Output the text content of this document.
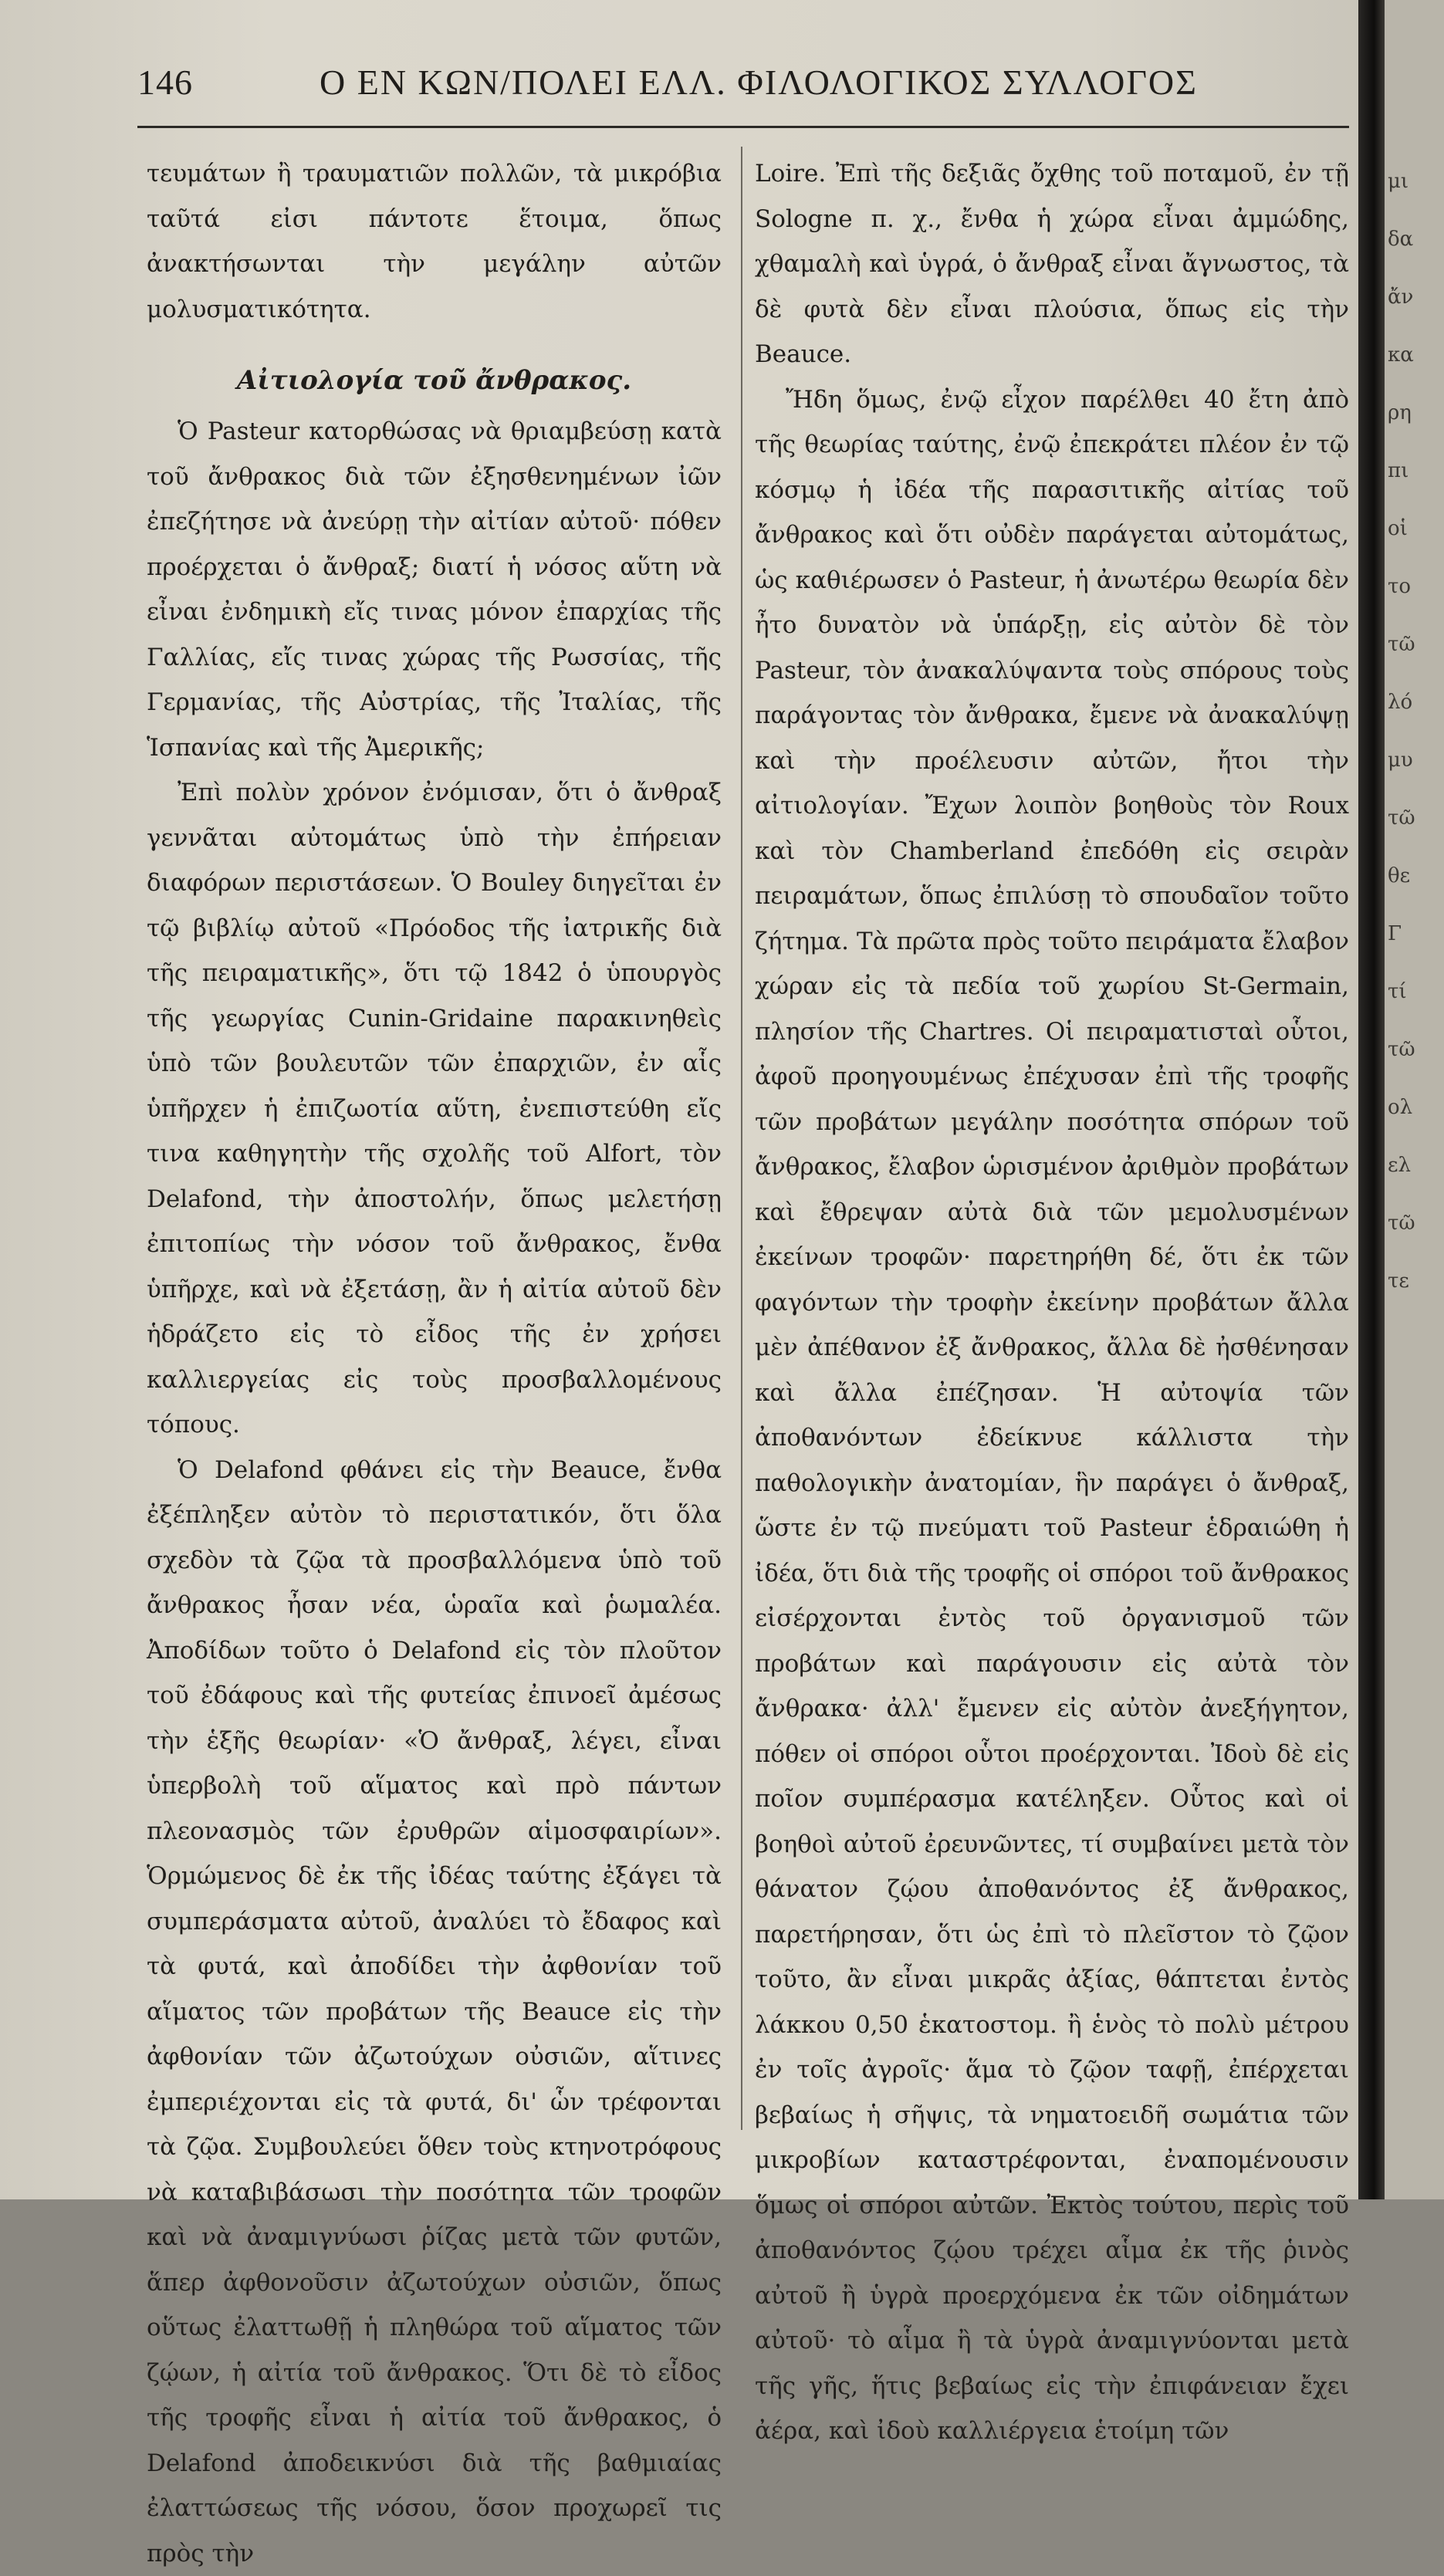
146	Ο ΕΝ ΚΩΝ/ΠΟΛΕΙ ΕΛΛ. ΦΙΛΟΛΟΓΙΚΟΣ ΣΥΛΛΟΓΟΣ

τευμάτων ἢ τραυματιῶν πολλῶν, τὰ μικρόβια ταῦτά εἰσι πάντοτε ἕτοιμα, ὅπως ἀνακτήσωνται τὴν μεγάλην αὐτῶν μολυσματικότητα.

Αἰτιολογία τοῦ ἄνθρακος.

Ὁ Pasteur κατορθώσας νὰ θριαμβεύσῃ κατὰ τοῦ ἄνθρακος διὰ τῶν ἐξησθενημένων ἰῶν ἐπεζήτησε νὰ ἀνεύρῃ τὴν αἰτίαν αὐτοῦ· πόθεν προέρχεται ὁ ἄνθραξ; διατί ἡ νόσος αὕτη νὰ εἶναι ἐνδημικὴ εἴς τινας μόνον ἐπαρχίας τῆς Γαλλίας, εἴς τινας χώρας τῆς Ρωσσίας, τῆς Γερμανίας, τῆς Αὐστρίας, τῆς Ἰταλίας, τῆς Ἱσπανίας καὶ τῆς Ἀμερικῆς;

Ἐπὶ πολὺν χρόνον ἐνόμισαν, ὅτι ὁ ἄνθραξ γεννᾶται αὐτομάτως ὑπὸ τὴν ἐπήρειαν διαφόρων περιστάσεων. Ὁ Bouley διηγεῖται ἐν τῷ βιβλίῳ αὐτοῦ «Πρόοδος τῆς ἰατρικῆς διὰ τῆς πειραματικῆς», ὅτι τῷ 1842 ὁ ὑπουργὸς τῆς γεωργίας Cunin-Gridaine παρακινηθεὶς ὑπὸ τῶν βουλευτῶν τῶν ἐπαρχιῶν, ἐν αἷς ὑπῆρχεν ἡ ἐπιζωοτία αὕτη, ἐνεπιστεύθη εἴς τινα καθηγητὴν τῆς σχολῆς τοῦ Alfort, τὸν Delafond, τὴν ἀποστολήν, ὅπως μελετήσῃ ἐπιτοπίως τὴν νόσον τοῦ ἄνθρακος, ἔνθα ὑπῆρχε, καὶ νὰ ἐξετάσῃ, ἂν ἡ αἰτία αὐτοῦ δὲν ἡδράζετο εἰς τὸ εἶδος τῆς ἐν χρήσει καλλιεργείας εἰς τοὺς προσβαλλομένους τόπους.

Ὁ Delafond φθάνει εἰς τὴν Beauce, ἔνθα ἐξέπληξεν αὐτὸν τὸ περιστατικόν, ὅτι ὅλα σχεδὸν τὰ ζῷα τὰ προσβαλλόμενα ὑπὸ τοῦ ἄνθρακος ἦσαν νέα, ὡραῖα καὶ ῥωμαλέα. Ἀποδίδων τοῦτο ὁ Delafond εἰς τὸν πλοῦτον τοῦ ἐδάφους καὶ τῆς φυτείας ἐπινοεῖ ἀμέσως τὴν ἑξῆς θεωρίαν· «Ὁ ἄνθραξ, λέγει, εἶναι ὑπερβολὴ τοῦ αἵματος καὶ πρὸ πάντων πλεονασμὸς τῶν ἐρυθρῶν αἱμοσφαιρίων». Ὁρμώμενος δὲ ἐκ τῆς ἰδέας ταύτης ἐξάγει τὰ συμπεράσματα αὐτοῦ, ἀναλύει τὸ ἔδαφος καὶ τὰ φυτά, καὶ ἀποδίδει τὴν ἀφθονίαν τοῦ αἵματος τῶν προβάτων τῆς Beauce εἰς τὴν ἀφθονίαν τῶν ἀζωτούχων οὐσιῶν, αἵτινες ἐμπεριέχονται εἰς τὰ φυτά, δι' ὧν τρέφονται τὰ ζῷα. Συμβουλεύει ὅθεν τοὺς κτηνοτρόφους νὰ καταβιβάσωσι τὴν ποσότητα τῶν τροφῶν καὶ νὰ ἀναμιγνύωσι ῥίζας μετὰ τῶν φυτῶν, ἅπερ ἀφθονοῦσιν ἀζωτούχων οὐσιῶν, ὅπως οὕτως ἐλαττωθῇ ἡ πληθώρα τοῦ αἵματος τῶν ζῴων, ἡ αἰτία τοῦ ἄνθρακος. Ὅτι δὲ τὸ εἶδος τῆς τροφῆς εἶναι ἡ αἰτία τοῦ ἄνθρακος, ὁ Delafond ἀποδεικνύσι διὰ τῆς βαθμιαίας ἐλαττώσεως τῆς νόσου, ὅσον προχωρεῖ τις πρὸς τὴν

Loire. Ἐπὶ τῆς δεξιᾶς ὄχθης τοῦ ποταμοῦ, ἐν τῇ Sologne π. χ., ἔνθα ἡ χώρα εἶναι ἀμμώδης, χθαμαλὴ καὶ ὑγρά, ὁ ἄνθραξ εἶναι ἄγνωστος, τὰ δὲ φυτὰ δὲν εἶναι πλούσια, ὅπως εἰς τὴν Beauce.

Ἤδη ὅμως, ἐνῷ εἶχον παρέλθει 40 ἔτη ἀπὸ τῆς θεωρίας ταύτης, ἐνῷ ἐπεκράτει πλέον ἐν τῷ κόσμῳ ἡ ἰδέα τῆς παρασιτικῆς αἰτίας τοῦ ἄνθρακος καὶ ὅτι οὐδὲν παράγεται αὐτομάτως, ὡς καθιέρωσεν ὁ Pasteur, ἡ ἀνωτέρω θεωρία δὲν ἦτο δυνατὸν νὰ ὑπάρξῃ, εἰς αὐτὸν δὲ τὸν Pasteur, τὸν ἀνακαλύψαντα τοὺς σπόρους τοὺς παράγοντας τὸν ἄνθρακα, ἔμενε νὰ ἀνακαλύψῃ καὶ τὴν προέλευσιν αὐτῶν, ἤτοι τὴν αἰτιολογίαν. Ἔχων λοιπὸν βοηθοὺς τὸν Roux καὶ τὸν Chamberland ἐπεδόθη εἰς σειρὰν πειραμάτων, ὅπως ἐπιλύσῃ τὸ σπουδαῖον τοῦτο ζήτημα. Τὰ πρῶτα πρὸς τοῦτο πειράματα ἔλαβον χώραν εἰς τὰ πεδία τοῦ χωρίου St-Germain, πλησίον τῆς Chartres. Οἱ πειραματισταὶ οὗτοι, ἀφοῦ προηγουμένως ἐπέχυσαν ἐπὶ τῆς τροφῆς τῶν προβάτων μεγάλην ποσότητα σπόρων τοῦ ἄνθρακος, ἔλαβον ὡρισμένον ἀριθμὸν προβάτων καὶ ἔθρεψαν αὐτὰ διὰ τῶν μεμολυσμένων ἐκείνων τροφῶν· παρετηρήθη δέ, ὅτι ἐκ τῶν φαγόντων τὴν τροφὴν ἐκείνην προβάτων ἄλλα μὲν ἀπέθανον ἐξ ἄνθρακος, ἄλλα δὲ ἠσθένησαν καὶ ἄλλα ἐπέζησαν. Ἡ αὐτοψία τῶν ἀποθανόντων ἐδείκνυε κάλλιστα τὴν παθολογικὴν ἀνατομίαν, ἣν παράγει ὁ ἄνθραξ, ὥστε ἐν τῷ πνεύματι τοῦ Pasteur ἑδραιώθη ἡ ἰδέα, ὅτι διὰ τῆς τροφῆς οἱ σπόροι τοῦ ἄνθρακος εἰσέρχονται ἐντὸς τοῦ ὀργανισμοῦ τῶν προβάτων καὶ παράγουσιν εἰς αὐτὰ τὸν ἄνθρακα· ἀλλ' ἔμενεν εἰς αὐτὸν ἀνεξήγητον, πόθεν οἱ σπόροι οὗτοι προέρχονται. Ἰδοὺ δὲ εἰς ποῖον συμπέρασμα κατέληξεν. Οὗτος καὶ οἱ βοηθοὶ αὐτοῦ ἐρευνῶντες, τί συμβαίνει μετὰ τὸν θάνατον ζῴου ἀποθανόντος ἐξ ἄνθρακος, παρετήρησαν, ὅτι ὡς ἐπὶ τὸ πλεῖστον τὸ ζῷον τοῦτο, ἂν εἶναι μικρᾶς ἀξίας, θάπτεται ἐντὸς λάκκου 0,50 ἑκατοστομ. ἢ ἑνὸς τὸ πολὺ μέτρου ἐν τοῖς ἀγροῖς· ἅμα τὸ ζῷον ταφῇ, ἐπέρχεται βεβαίως ἡ σῆψις, τὰ νηματοειδῆ σωμάτια τῶν μικροβίων καταστρέφονται, ἐναπομένουσιν ὅμως οἱ σπόροι αὐτῶν. Ἐκτὸς τούτου, περὶς τοῦ ἀποθανόντος ζῴου τρέχει αἷμα ἐκ τῆς ῥινὸς αὐτοῦ ἢ ὑγρὰ προερχόμενα ἐκ τῶν οἰδημάτων αὐτοῦ· τὸ αἷμα ἢ τὰ ὑγρὰ ἀναμιγνύονται μετὰ τῆς γῆς, ἥτις βεβαίως εἰς τὴν ἐπιφάνειαν ἔχει ἀέρα, καὶ ἰδοὺ καλλιέργεια ἑτοίμη τῶν

μι
δα
ἄν
κα
ρη
πι
οἱ
το
τῶ
λό
μυ
τῶ
θε
Γ
τί
τῶ
ολ
ελ
τῶ
τε
